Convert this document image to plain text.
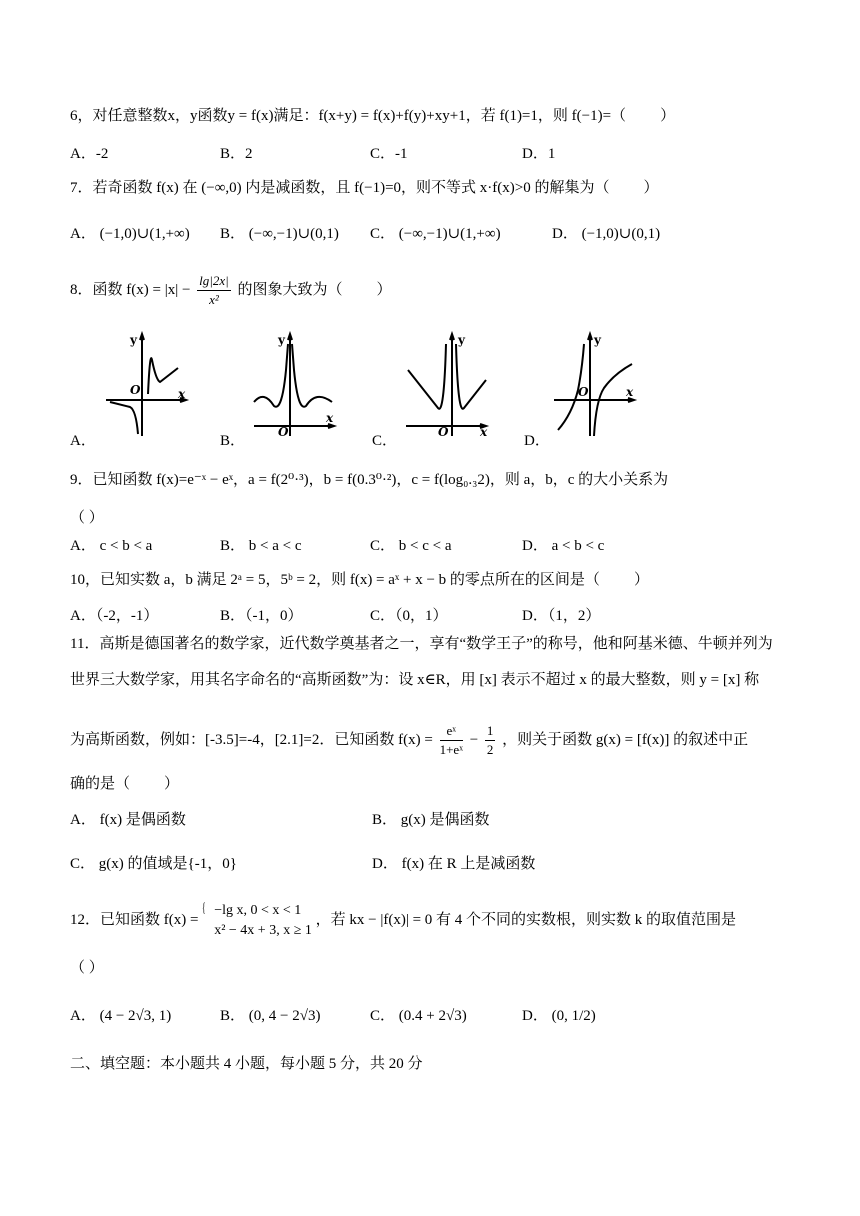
6，对任意整数x，y函数y = f(x)满足：f(x+y) = f(x)+f(y)+xy+1，若 f(1)=1，则 f(−1)=（ ）
A．-2	B．2	C．-1	D．1
7．若奇函数 f(x) 在 (−∞,0) 内是减函数，且 f(−1)=0，则不等式 x·f(x)>0 的解集为（ ）
A． (−1,0)∪(1,+∞) B． (−∞,−1)∪(0,1) C． (−∞,−1)∪(1,+∞)	D． (−1,0)∪(0,1)
8．函数 $f(x) = |x| - \frac{\lg|2x|}{\text{x²}}$ 的图象大致为（ ）
y
x
O
A．
y
x
O
B．
y
x
O
C．
y
x
O
D．
9．已知函数 f(x)=e⁻ˣ − eˣ，a = f(2⁰·³)，b = f(0.3⁰·²)，c = f(log₀.₃2)，则 a，b，c 的大小关系为
（ ）
A． c < b < a	B． b < a < c	C． b < c < a	D． a < b < c
10，已知实数 a，b 满足 2ᵃ = 5，5ᵇ = 2，则 f(x) = aˣ + x − b 的零点所在的区间是（ ）
A．（-2，-1）	B．（-1，0）	C．（0，1）	D．（1，2）
11．高斯是德国著名的数学家，近代数学奠基者之一，享有“数学王子”的称号，他和阿基米德、牛顿并列为
世界三大数学家，用其名字命名的“高斯函数”为：设 x∈R，用 [x] 表示不超过 x 的最大整数，则 y = [x] 称
为高斯函数，例如：[-3.5]=-4，[2.1]=2．已知函数 $f(x) = \frac{\text{eˣ}}{\text{1+eˣ}} - \frac{1}{2}$ ，则关于函数 g(x) = [f(x)] 的叙述中正
确的是（ ）
A． f(x) 是偶函数	B． g(x) 是偶函数
C． g(x) 的值域是{-1，0}	D． f(x) 在 R 上是减函数
12．已知函数 f(x) =
{ −lg x, 0 < x < 1
x² − 4x + 3, x ≥ 1
，若 kx − |f(x)| = 0 有 4 个不同的实数根，则实数 k 的取值范围是
（ ）
A． (4 − 2√3, 1)	B． (0, 4 − 2√3)	C． (0.4 + 2√3)	D． (0, 1/2)
二、填空题：本小题共 4 小题，每小题 5 分，共 20 分
